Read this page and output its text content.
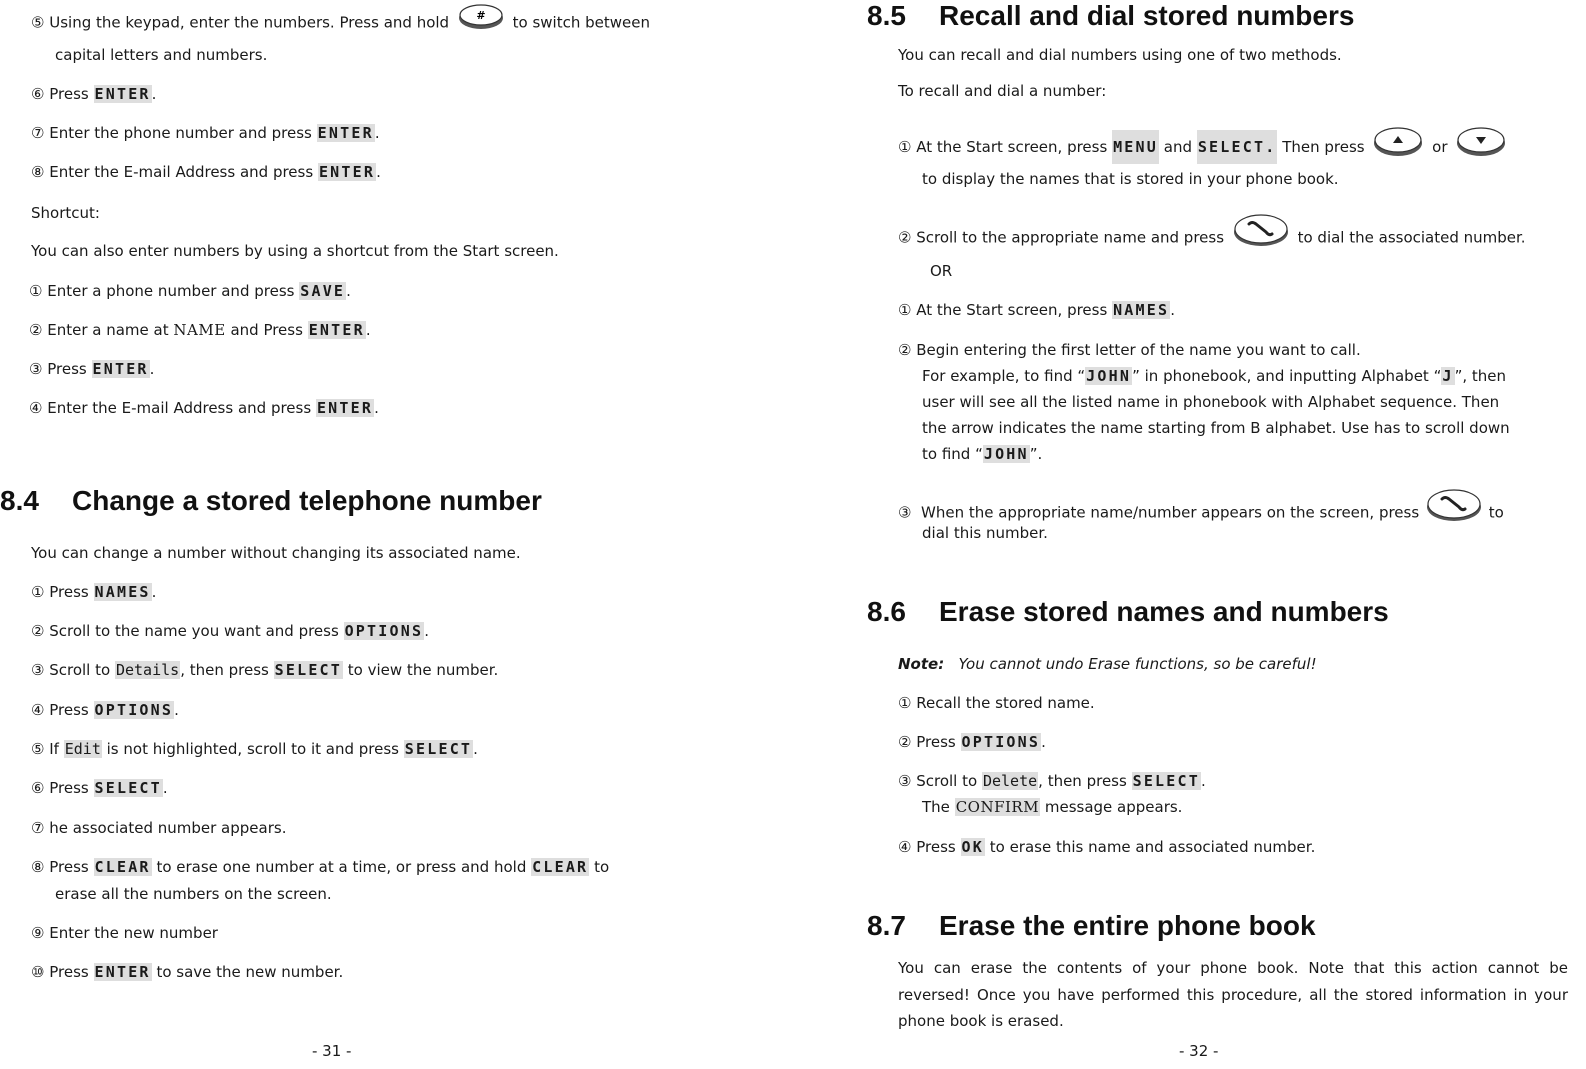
⑤ Using the keypad, enter the numbers. Press and hold # to switch between
capital letters and numbers.
⑥ Press ENTER.
⑦ Enter the phone number and press ENTER.
⑧ Enter the E-mail Address and press ENTER.
Shortcut:
You can also enter numbers by using a shortcut from the Start screen.
① Enter a phone number and press SAVE.
② Enter a name at NAME and Press ENTER.
③ Press ENTER.
④ Enter the E-mail Address and press ENTER.
8.4 Change a stored telephone number
You can change a number without changing its associated name.
① Press NAMES.
② Scroll to the name you want and press OPTIONS.
③ Scroll to Details, then press SELECT to view the number.
④ Press OPTIONS.
⑤ If Edit is not highlighted, scroll to it and press SELECT.
⑥ Press SELECT.
⑦ he associated number appears.
⑧ Press CLEAR to erase one number at a time, or press and hold CLEAR to
erase all the numbers on the screen.
⑨ Enter the new number
⑩ Press ENTER to save the new number.
- 31 -
8.5 Recall and dial stored numbers
You can recall and dial numbers using one of two methods.
To recall and dial a number:
① At the Start screen, press MENU and SELECT. Then press	or
to display the names that is stored in your phone book.
② Scroll to the appropriate name and press	to dial the associated number.
OR
① At the Start screen, press NAMES.
② Begin entering the first letter of the name you want to call.
For example, to find “JOHN” in phonebook, and inputting Alphabet “J”, then
user will see all the listed name in phonebook with Alphabet sequence. Then
the arrow indicates the name starting from B alphabet. Use has to scroll down
to find “JOHN”.
③ When the appropriate name/number appears on the screen, press	to
dial this number.
8.6 Erase stored names and numbers
Note: You cannot undo Erase functions, so be careful!
① Recall the stored name.
② Press OPTIONS.
③ Scroll to Delete, then press SELECT.
The CONFIRM message appears.
④ Press OK to erase this name and associated number.
8.7 Erase the entire phone book
You can erase the contents of your phone book. Note that this action cannot be reversed! Once you have performed this procedure, all the stored information in your phone book is erased.
- 32 -
